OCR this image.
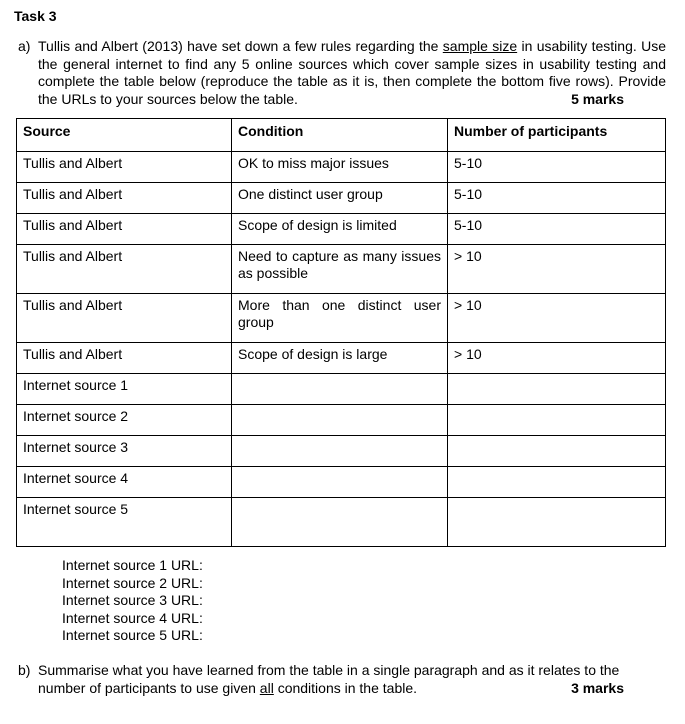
Task 3
a) Tullis and Albert (2013) have set down a few rules regarding the sample size in usability testing. Use the general internet to find any 5 online sources which cover sample sizes in usability testing and complete the table below (reproduce the table as it is, then complete the bottom five rows). Provide the URLs to your sources below the table.	5 marks
Source	Condition	Number of participants
Tullis and Albert	OK to miss major issues	5-10
Tullis and Albert	One distinct user group	5-10
Tullis and Albert	Scope of design is limited	5-10
Tullis and Albert	Need to capture as many issues as possible	> 10
Tullis and Albert	More than one distinct user group	> 10
Tullis and Albert	Scope of design is large	> 10
Internet source 1		
Internet source 2		
Internet source 3		
Internet source 4		
Internet source 5		
Internet source 1 URL:
Internet source 2 URL:
Internet source 3 URL:
Internet source 4 URL:
Internet source 5 URL:
b) Summarise what you have learned from the table in a single paragraph and as it relates to the number of participants to use given all conditions in the table.	3 marks
